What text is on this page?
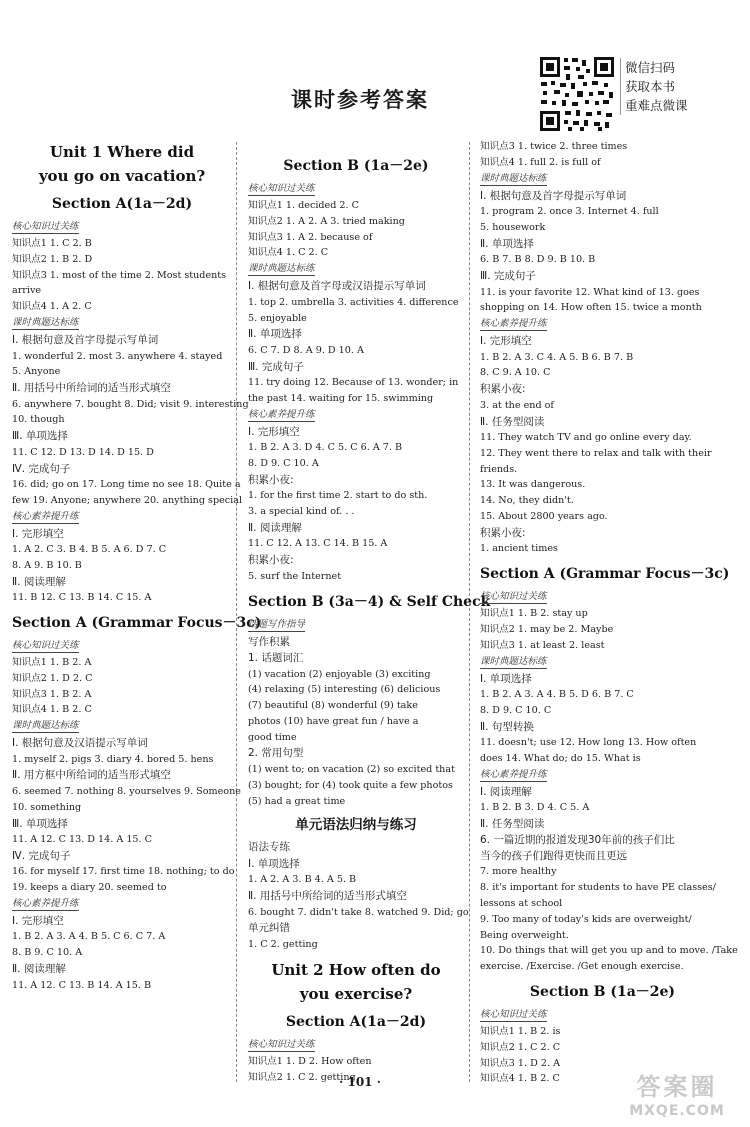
课时参考答案
微信扫码
获取本书
重难点微课
Unit 1 Where did
you go on vacation?
Section A(1a－2d)
核心知识过关练
知识点1 1. C 2. B
知识点2 1. B 2. D
知识点3 1. most of the time 2. Most students
arrive
知识点4 1. A 2. C
课时典题达标练
Ⅰ. 根据句意及首字母提示写单词
1. wonderful 2. most 3. anywhere 4. stayed
5. Anyone
Ⅱ. 用括号中所给词的适当形式填空
6. anywhere 7. bought 8. Did; visit 9. interesting
10. though
Ⅲ. 单项选择
11. C 12. D 13. D 14. D 15. D
Ⅳ. 完成句子
16. did; go on 17. Long time no see 18. Quite a
few 19. Anyone; anywhere 20. anything special
核心素养提升练
Ⅰ. 完形填空
1. A 2. C 3. B 4. B 5. A 6. D 7. C
8. A 9. B 10. B
Ⅱ. 阅读理解
11. B 12. C 13. B 14. C 15. A
Section A (Grammar Focus－3c)
核心知识过关练
知识点1 1. B 2. A
知识点2 1. D 2. C
知识点3 1. B 2. A
知识点4 1. B 2. C
课时典题达标练
Ⅰ. 根据句意及汉语提示写单词
1. myself 2. pigs 3. diary 4. bored 5. hens
Ⅱ. 用方框中所给词的适当形式填空
6. seemed 7. nothing 8. yourselves 9. Someone
10. something
Ⅲ. 单项选择
11. A 12. C 13. D 14. A 15. C
Ⅳ. 完成句子
16. for myself 17. first time 18. nothing; to do
19. keeps a diary 20. seemed to
核心素养提升练
Ⅰ. 完形填空
1. B 2. A 3. A 4. B 5. C 6. C 7. A
8. B 9. C 10. A
Ⅱ. 阅读理解
11. A 12. C 13. B 14. A 15. B
Section B (1a－2e)
核心知识过关练
知识点1 1. decided 2. C
知识点2 1. A 2. A 3. tried making
知识点3 1. A 2. because of
知识点4 1. C 2. C
课时典题达标练
Ⅰ. 根据句意及首字母或汉语提示写单词
1. top 2. umbrella 3. activities 4. difference
5. enjoyable
Ⅱ. 单项选择
6. C 7. D 8. A 9. D 10. A
Ⅲ. 完成句子
11. try doing 12. Because of 13. wonder; in
the past 14. waiting for 15. swimming
核心素养提升练
Ⅰ. 完形填空
1. B 2. A 3. D 4. C 5. C 6. A 7. B
8. D 9. C 10. A
积累小夜:
1. for the first time 2. start to do sth.
3. a special kind of. . .
Ⅱ. 阅读理解
11. C 12. A 13. C 14. B 15. A
积累小夜:
5. surf the Internet
Section B (3a－4) & Self Check
话题写作指导
写作积累
1. 话题词汇
(1) vacation (2) enjoyable (3) exciting
(4) relaxing (5) interesting (6) delicious
(7) beautiful (8) wonderful (9) take
photos (10) have great fun / have a
good time
2. 常用句型
(1) went to; on vacation (2) so excited that
(3) bought; for (4) took quite a few photos
(5) had a great time
单元语法归纳与练习
语法专练
Ⅰ. 单项选择
1. A 2. A 3. B 4. A 5. B
Ⅱ. 用括号中所给词的适当形式填空
6. bought 7. didn't take 8. watched 9. Did; go
单元纠错
1. C 2. getting
Unit 2 How often do
you exercise?
Section A(1a－2d)
核心知识过关练
知识点1 1. D 2. How often
知识点2 1. C 2. getting
知识点3 1. twice 2. three times
知识点4 1. full 2. is full of
课时典题达标练
Ⅰ. 根据句意及首字母提示写单词
1. program 2. once 3. Internet 4. full
5. housework
Ⅱ. 单项选择
6. B 7. B 8. D 9. B 10. B
Ⅲ. 完成句子
11. is your favorite 12. What kind of 13. goes
shopping on 14. How often 15. twice a month
核心素养提升练
Ⅰ. 完形填空
1. B 2. A 3. C 4. A 5. B 6. B 7. B
8. C 9. A 10. C
积累小夜:
3. at the end of
Ⅱ. 任务型阅读
11. They watch TV and go online every day.
12. They went there to relax and talk with their
friends.
13. It was dangerous.
14. No, they didn't.
15. About 2800 years ago.
积累小夜:
1. ancient times
Section A (Grammar Focus－3c)
核心知识过关练
知识点1 1. B 2. stay up
知识点2 1. may be 2. Maybe
知识点3 1. at least 2. least
课时典题达标练
Ⅰ. 单项选择
1. B 2. A 3. A 4. B 5. D 6. B 7. C
8. D 9. C 10. C
Ⅱ. 句型转换
11. doesn't; use 12. How long 13. How often
does 14. What do; do 15. What is
核心素养提升练
Ⅰ. 阅读理解
1. B 2. B 3. D 4. C 5. A
Ⅱ. 任务型阅读
6. 一篇近期的报道发现30年前的孩子们比
当今的孩子们跑得更快而且更远
7. more healthy
8. it's important for students to have PE classes/
lessons at school
9. Too many of today's kids are overweight/
Being overweight.
10. Do things that will get you up and to move. /Take
exercise. /Exercise. /Get enough exercise.
Section B (1a－2e)
核心知识过关练
知识点1 1. B 2. is
知识点2 1. C 2. C
知识点3 1. D 2. A
知识点4 1. B 2. C
· 101 ·	答案圈
MXQE.COM
